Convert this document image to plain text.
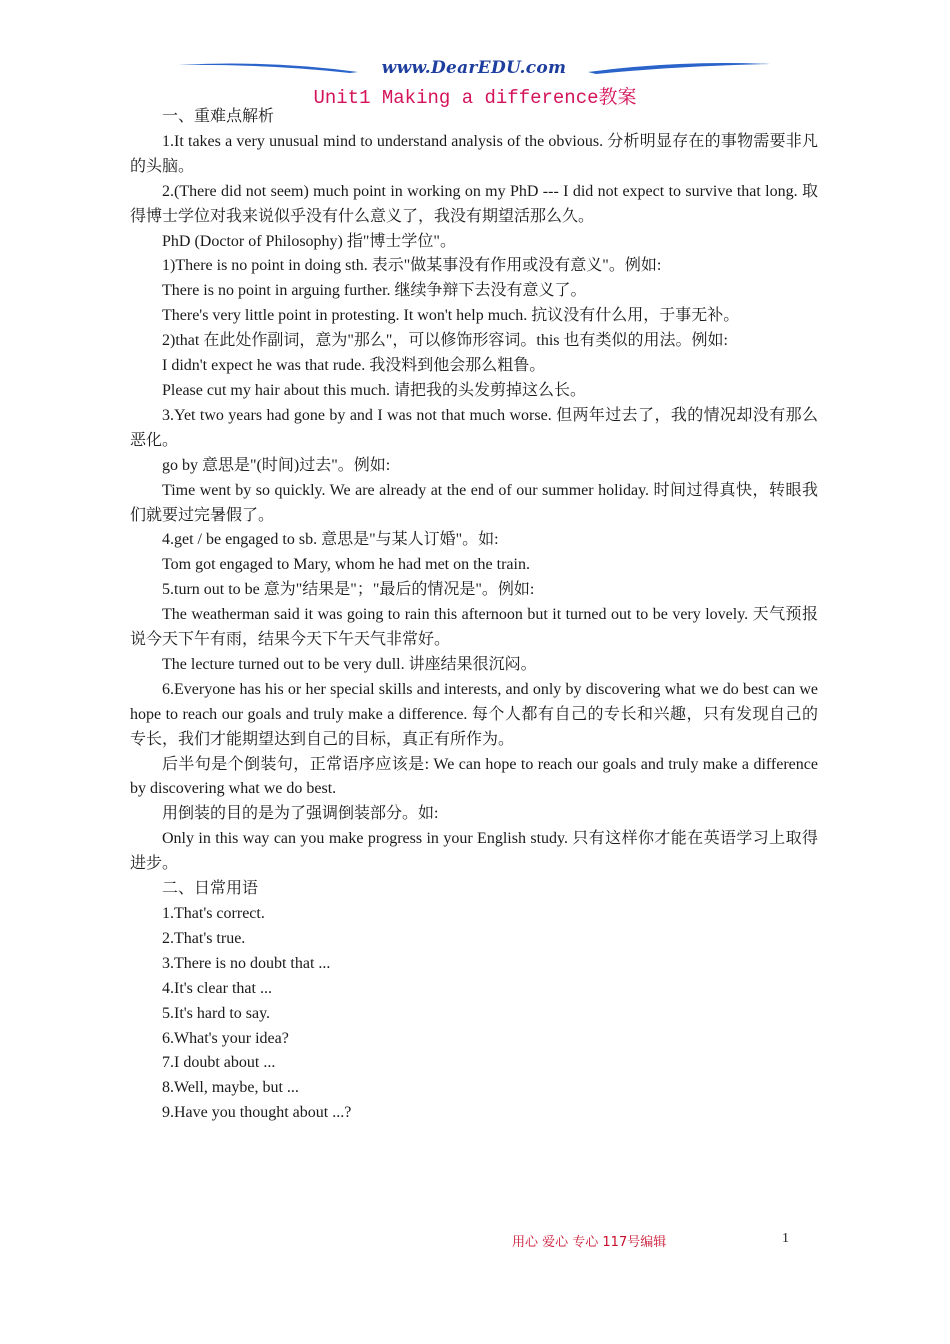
www.DearEDU.com
Unit1 Making a difference教案

一、重难点解析

1.It takes a very unusual mind to understand analysis of the obvious. 分析明显存在的事物需要非凡的头脑。

2.(There did not seem) much point in working on my PhD --- I did not expect to survive that long. 取得博士学位对我来说似乎没有什么意义了，我没有期望活那么久。

PhD (Doctor of Philosophy) 指"博士学位"。

1)There is no point in doing sth. 表示"做某事没有作用或没有意义"。例如:

There is no point in arguing further. 继续争辩下去没有意义了。

There's very little point in protesting. It won't help much. 抗议没有什么用，于事无补。

2)that 在此处作副词，意为"那么"，可以修饰形容词。this 也有类似的用法。例如:

I didn't expect he was that rude. 我没料到他会那么粗鲁。

Please cut my hair about this much. 请把我的头发剪掉这么长。

3.Yet two years had gone by and I was not that much worse. 但两年过去了，我的情况却没有那么恶化。

go by 意思是"(时间)过去"。例如:

Time went by so quickly. We are already at the end of our summer holiday. 时间过得真快，转眼我们就要过完暑假了。

4.get / be engaged to sb. 意思是"与某人订婚"。如:

Tom got engaged to Mary, whom he had met on the train.

5.turn out to be 意为"结果是"；"最后的情况是"。例如:

The weatherman said it was going to rain this afternoon but it turned out to be very lovely. 天气预报说今天下午有雨，结果今天下午天气非常好。

The lecture turned out to be very dull. 讲座结果很沉闷。

6.Everyone has his or her special skills and interests, and only by discovering what we do best can we hope to reach our goals and truly make a difference. 每个人都有自己的专长和兴趣，只有发现自己的专长，我们才能期望达到自己的目标，真正有所作为。

后半句是个倒装句，正常语序应该是: We can hope to reach our goals and truly make a difference by discovering what we do best.

用倒装的目的是为了强调倒装部分。如:

Only in this way can you make progress in your English study. 只有这样你才能在英语学习上取得进步。

二、日常用语

1.That's correct.

2.That's true.

3.There is no doubt that ...

4.It's clear that ...

5.It's hard to say.

6.What's your idea?

7.I doubt about ...

8.Well, maybe, but ...

9.Have you thought about ...?

用心 爱心 专心 117号编辑	1
